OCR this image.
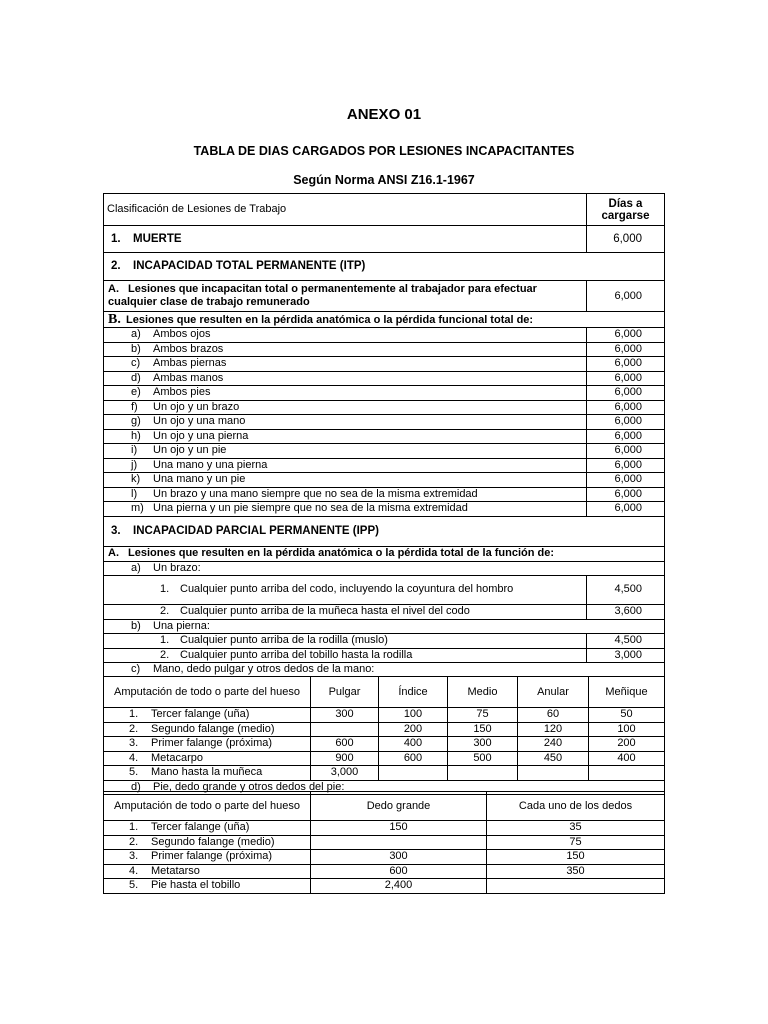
ANEXO 01
TABLA DE DIAS CARGADOS POR LESIONES INCAPACITANTES
Según Norma ANSI Z16.1-1967
Clasificación de Lesiones de Trabajo	Días a cargarse
1. MUERTE	6,000
2. INCAPACIDAD TOTAL PERMANENTE (ITP)	
A. Lesiones que incapacitan total o permanentemente al trabajador para efectuar cualquier clase de trabajo remunerado	6,000
B. Lesiones que resulten en la pérdida anatómica o la pérdida funcional total de:	
a) Ambos ojos	6,000
b) Ambos brazos	6,000
c) Ambas piernas	6,000
d) Ambas manos	6,000
e) Ambos pies	6,000
f) Un ojo y un brazo	6,000
g) Un ojo y una mano	6,000
h) Un ojo y una pierna	6,000
i) Un ojo y un pie	6,000
j) Una mano y una pierna	6,000
k) Una mano y un pie	6,000
l) Un brazo y una mano siempre que no sea de la misma extremidad	6,000
m) Una pierna y un pie siempre que no sea de la misma extremidad	6,000
3. INCAPACIDAD PARCIAL PERMANENTE (IPP)	
A. Lesiones que resulten en la pérdida anatómica o la pérdida total de la función de:	
a) Un brazo:	
1. Cualquier punto arriba del codo, incluyendo la coyuntura del hombro	4,500
2. Cualquier punto arriba de la muñeca hasta el nivel del codo	3,600
b) Una pierna:	
1. Cualquier punto arriba de la rodilla (muslo)	4,500
2. Cualquier punto arriba del tobillo hasta la rodilla	3,000
c) Mano, dedo pulgar y otros dedos de la mano:	
Amputación de todo o parte del hueso	Pulgar	Índice	Medio	Anular	Meñique
1. Tercer falange (uña)	300	100	75	60	50
2. Segundo falange (medio)		200	150	120	100
3. Primer falange (próxima)	600	400	300	240	200
4. Metacarpo	900	600	500	450	400
5. Mano hasta la muñeca	3,000				
d) Pie, dedo grande y otros dedos del pie:					
Amputación de todo o parte del hueso	Dedo grande	Cada uno de los dedos
1. Tercer falange (uña)	150	35
2. Segundo falange (medio)		75
3. Primer falange (próxima)	300	150
4. Metatarso	600	350
5. Pie hasta el tobillo	2,400	
